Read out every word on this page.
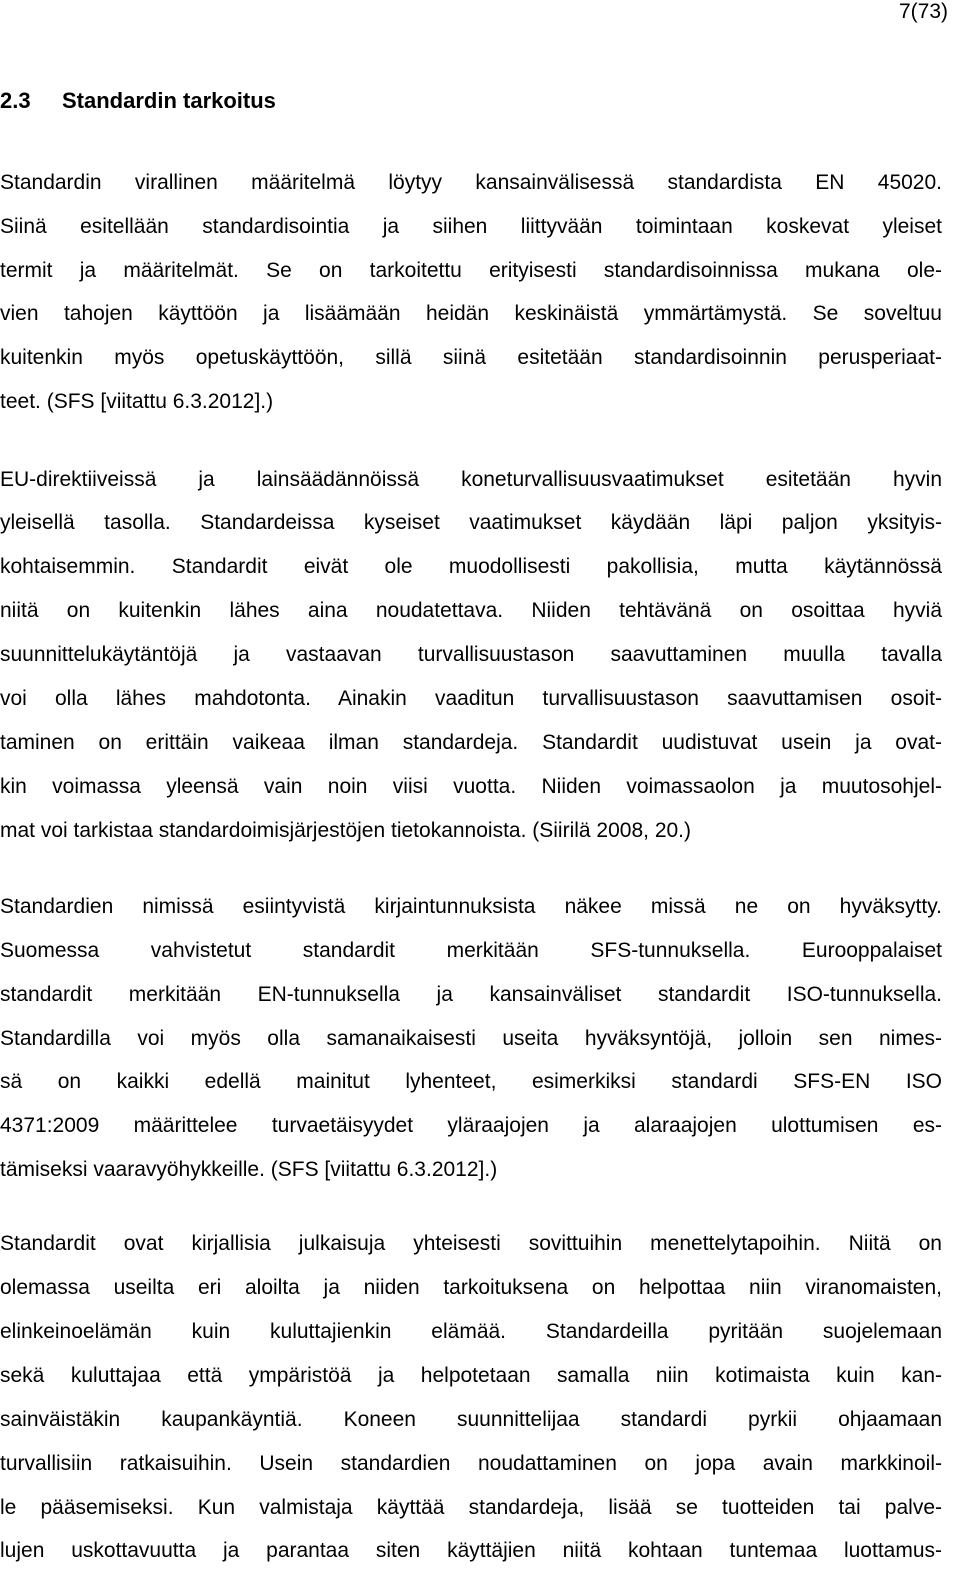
7(73)
2.3 Standardin tarkoitus
Standardin virallinen määritelmä löytyy kansainvälisessä standardista EN 45020.
Siinä esitellään standardisointia ja siihen liittyvään toimintaan koskevat yleiset
termit ja määritelmät. Se on tarkoitettu erityisesti standardisoinnissa mukana ole-
vien tahojen käyttöön ja lisäämään heidän keskinäistä ymmärtämystä. Se soveltuu
kuitenkin myös opetuskäyttöön, sillä siinä esitetään standardisoinnin perusperiaat-
teet. (SFS [viitattu 6.3.2012].)
EU-direktiiveissä ja lainsäädännöissä koneturvallisuusvaatimukset esitetään hyvin
yleisellä tasolla. Standardeissa kyseiset vaatimukset käydään läpi paljon yksityis-
kohtaisemmin. Standardit eivät ole muodollisesti pakollisia, mutta käytännössä
niitä on kuitenkin lähes aina noudatettava. Niiden tehtävänä on osoittaa hyviä
suunnittelukäytäntöjä ja vastaavan turvallisuustason saavuttaminen muulla tavalla
voi olla lähes mahdotonta. Ainakin vaaditun turvallisuustason saavuttamisen osoit-
taminen on erittäin vaikeaa ilman standardeja. Standardit uudistuvat usein ja ovat-
kin voimassa yleensä vain noin viisi vuotta. Niiden voimassaolon ja muutosohjel-
mat voi tarkistaa standardoimisjärjestöjen tietokannoista. (Siirilä 2008, 20.)
Standardien nimissä esiintyvistä kirjaintunnuksista näkee missä ne on hyväksytty.
Suomessa vahvistetut standardit merkitään SFS-tunnuksella. Eurooppalaiset
standardit merkitään EN-tunnuksella ja kansainväliset standardit ISO-tunnuksella.
Standardilla voi myös olla samanaikaisesti useita hyväksyntöjä, jolloin sen nimes-
sä on kaikki edellä mainitut lyhenteet, esimerkiksi standardi SFS-EN ISO
4371:2009 määrittelee turvaetäisyydet yläraajojen ja alaraajojen ulottumisen es-
tämiseksi vaaravyöhykkeille. (SFS [viitattu 6.3.2012].)
Standardit ovat kirjallisia julkaisuja yhteisesti sovittuihin menettelytapoihin. Niitä on
olemassa useilta eri aloilta ja niiden tarkoituksena on helpottaa niin viranomaisten,
elinkeinoelämän kuin kuluttajienkin elämää. Standardeilla pyritään suojelemaan
sekä kuluttajaa että ympäristöä ja helpotetaan samalla niin kotimaista kuin kan-
sainväistäkin kaupankäyntiä. Koneen suunnittelijaa standardi pyrkii ohjaamaan
turvallisiin ratkaisuihin. Usein standardien noudattaminen on jopa avain markkinoil-
le pääsemiseksi. Kun valmistaja käyttää standardeja, lisää se tuotteiden tai palve-
lujen uskottavuutta ja parantaa siten käyttäjien niitä kohtaan tuntemaa luottamus-
